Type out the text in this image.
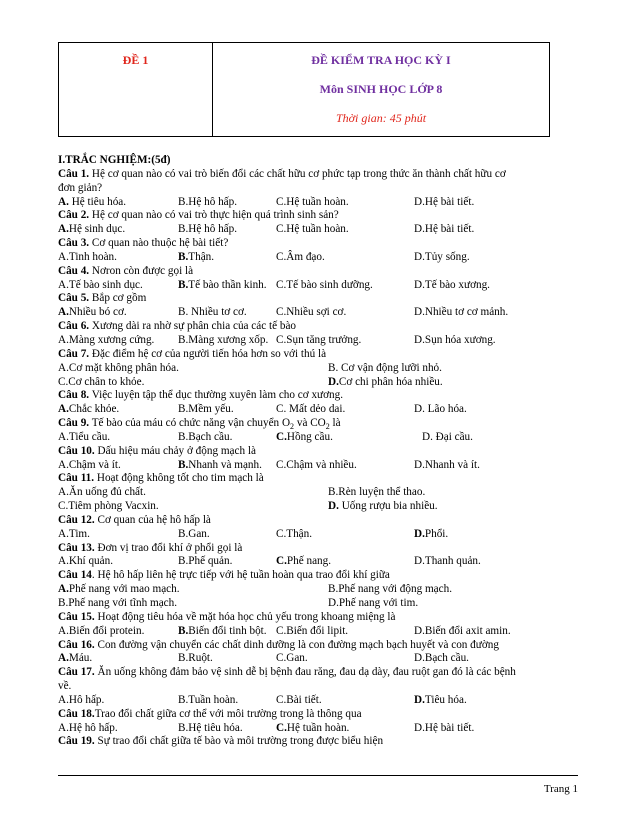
ĐỀ 1	ĐỀ KIỂM TRA HỌC KỲ I
Môn SINH HỌC LỚP 8
Thời gian: 45 phút
I.TRẮC NGHIỆM:(5đ)
Câu 1. Hệ cơ quan nào có vai trò biến đổi các chất hữu cơ phức tạp trong thức ăn thành chất hữu cơ
đơn giản?
A. Hệ tiêu hóa.	B.Hệ hô hấp.	C.Hệ tuần hoàn.	D.Hệ bài tiết.
Câu 2. Hệ cơ quan nào có vai trò thực hiện quá trình sinh sản?
A.Hệ sinh dục.	B.Hệ hô hấp.	C.Hệ tuần hoàn.	D.Hệ bài tiết.
Câu 3. Cơ quan nào thuộc hệ bài tiết?
A.Tinh hoàn.	B.Thận.	C.Âm đạo.	D.Tủy sống.
Câu 4. Nơron còn được gọi là
A.Tế bào sinh dục.	B.Tế bào thần kinh. C.Tế bào sinh dưỡng.	D.Tế bào xương.
Câu 5. Bắp cơ gồm
A.Nhiều bó cơ.	B. Nhiều tơ cơ.	C.Nhiều sợi cơ.	D.Nhiều tơ cơ mảnh.
Câu 6. Xương dài ra nhờ sự phân chia của các tế bào
A.Màng xương cứng.	B.Màng xương xốp. C.Sụn tăng trưởng.	D.Sụn hóa xương.
Câu 7. Đặc điểm hệ cơ của người tiến hóa hơn so với thú là
A.Cơ mặt không phân hóa.	B. Cơ vận động lưỡi nhỏ.
C.Cơ chân to khỏe.	D.Cơ chi phân hóa nhiều.
Câu 8. Việc luyện tập thể dục thường xuyên làm cho cơ xương.
A.Chắc khỏe.	B.Mềm yếu.	C. Mất dẻo dai.	D. Lão hóa.
Câu 9. Tế bào của máu có chức năng vận chuyển $O_2$ và $CO_2$ là
A.Tiểu cầu.	B.Bạch cầu.	C.Hồng cầu.	D. Đại cầu.
Câu 10. Dấu hiệu máu chảy ở động mạch là
A.Chậm và ít.	B.Nhanh và mạnh.	C.Chậm và nhiều.	D.Nhanh và ít.
Câu 11. Hoạt động không tốt cho tim mạch là
A.Ăn uống đủ chất.	B.Rèn luyện thể thao.
C.Tiêm phòng Vacxin.	D. Uống rượu bia nhiều.
Câu 12. Cơ quan của hệ hô hấp là
A.Tim.	B.Gan.	C.Thận.	D.Phổi.
Câu 13. Đơn vị trao đổi khí ở phổi gọi là
A.Khí quản.	B.Phế quản.	C.Phế nang.	D.Thanh quản.
Câu 14. Hệ hô hấp liên hệ trực tiếp với hệ tuần hoàn qua trao đổi khí giữa
A.Phế nang với mao mạch.	B.Phế nang với động mạch.
B.Phế nang với tĩnh mạch.	D.Phế nang với tim.
Câu 15. Hoạt động tiêu hóa về mặt hóa học chủ yếu trong khoang miệng là
A.Biến đổi protein.	B.Biến đổi tinh bột. C.Biến đổi lipit.	D.Biến đổi axit amin.
Câu 16. Con đường vận chuyển các chất dinh dưỡng là con đường mạch bạch huyết và con đường
A.Máu.	B.Ruột.	C.Gan.	D.Bạch cầu.
Câu 17. Ăn uống không đảm bảo vệ sinh dễ bị bệnh đau răng, đau dạ dày, đau ruột gan đó là các bệnh
về.
A.Hô hấp.	B.Tuần hoàn.	C.Bài tiết.	D.Tiêu hóa.
Câu 18.Trao đổi chất giữa cơ thể với môi trường trong là thông qua
A.Hệ hô hấp.	B.Hệ tiêu hóa.	C.Hệ tuần hoàn.	D.Hệ bài tiết.
Câu 19. Sự trao đổi chất giữa tế bào và môi trường trong được biểu hiện
Trang 1
